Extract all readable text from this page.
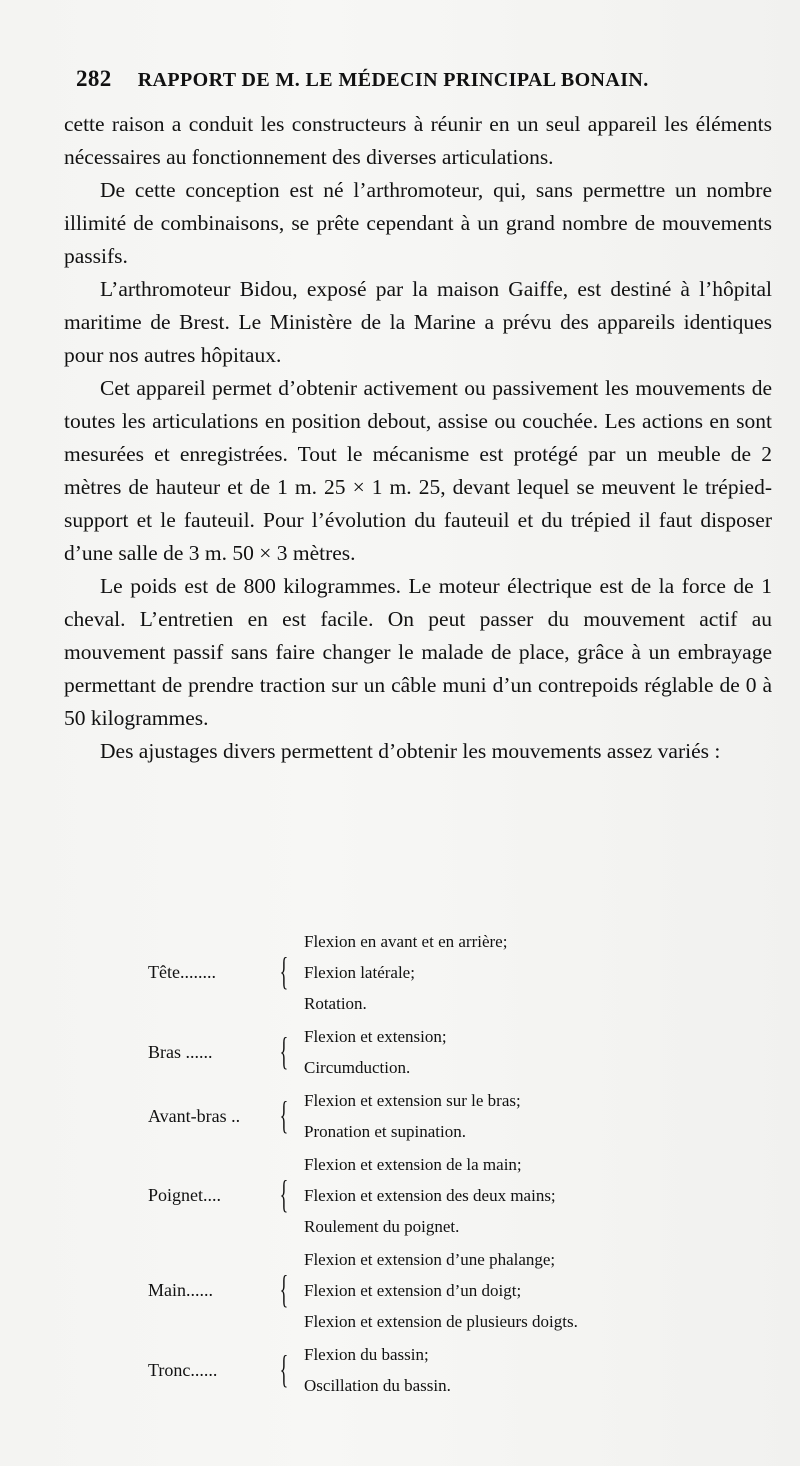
282 RAPPORT DE M. LE MÉDECIN PRINCIPAL BONAIN.

cette raison a conduit les constructeurs à réunir en un seul appareil les éléments nécessaires au fonctionnement des diverses articulations.

De cette conception est né l’arthromoteur, qui, sans permettre un nombre illimité de combinaisons, se prête cependant à un grand nombre de mouvements passifs.

L’arthromoteur Bidou, exposé par la maison Gaiffe, est destiné à l’hôpital maritime de Brest. Le Ministère de la Marine a prévu des appareils identiques pour nos autres hôpitaux.

Cet appareil permet d’obtenir activement ou passivement les mouvements de toutes les articulations en position debout, assise ou couchée. Les actions en sont mesurées et enregistrées. Tout le mécanisme est protégé par un meuble de 2 mètres de hauteur et de 1 m. 25 × 1 m. 25, devant lequel se meuvent le trépied-support et le fauteuil. Pour l’évolution du fauteuil et du trépied il faut disposer d’une salle de 3 m. 50 × 3 mètres.

Le poids est de 800 kilogrammes. Le moteur électrique est de la force de 1 cheval. L’entretien en est facile. On peut passer du mouvement actif au mouvement passif sans faire changer le malade de place, grâce à un embrayage permettant de prendre traction sur un câble muni d’un contrepoids réglable de 0 à 50 kilogrammes.

Des ajustages divers permettent d’obtenir les mouvements assez variés :

Tête........	{
Flexion en avant et en arrière;
Flexion latérale;
Rotation.
Bras ......	{ Flexion et extension;
Circumduction.
Avant-bras ..	{ Flexion et extension sur le bras;
Pronation et supination.
Poignet....	{
Flexion et extension de la main;
Flexion et extension des deux mains;
Roulement du poignet.
Main......	{
Flexion et extension d’une phalange;
Flexion et extension d’un doigt;
Flexion et extension de plusieurs doigts.
Tronc......	{ Flexion du bassin;
Oscillation du bassin.
